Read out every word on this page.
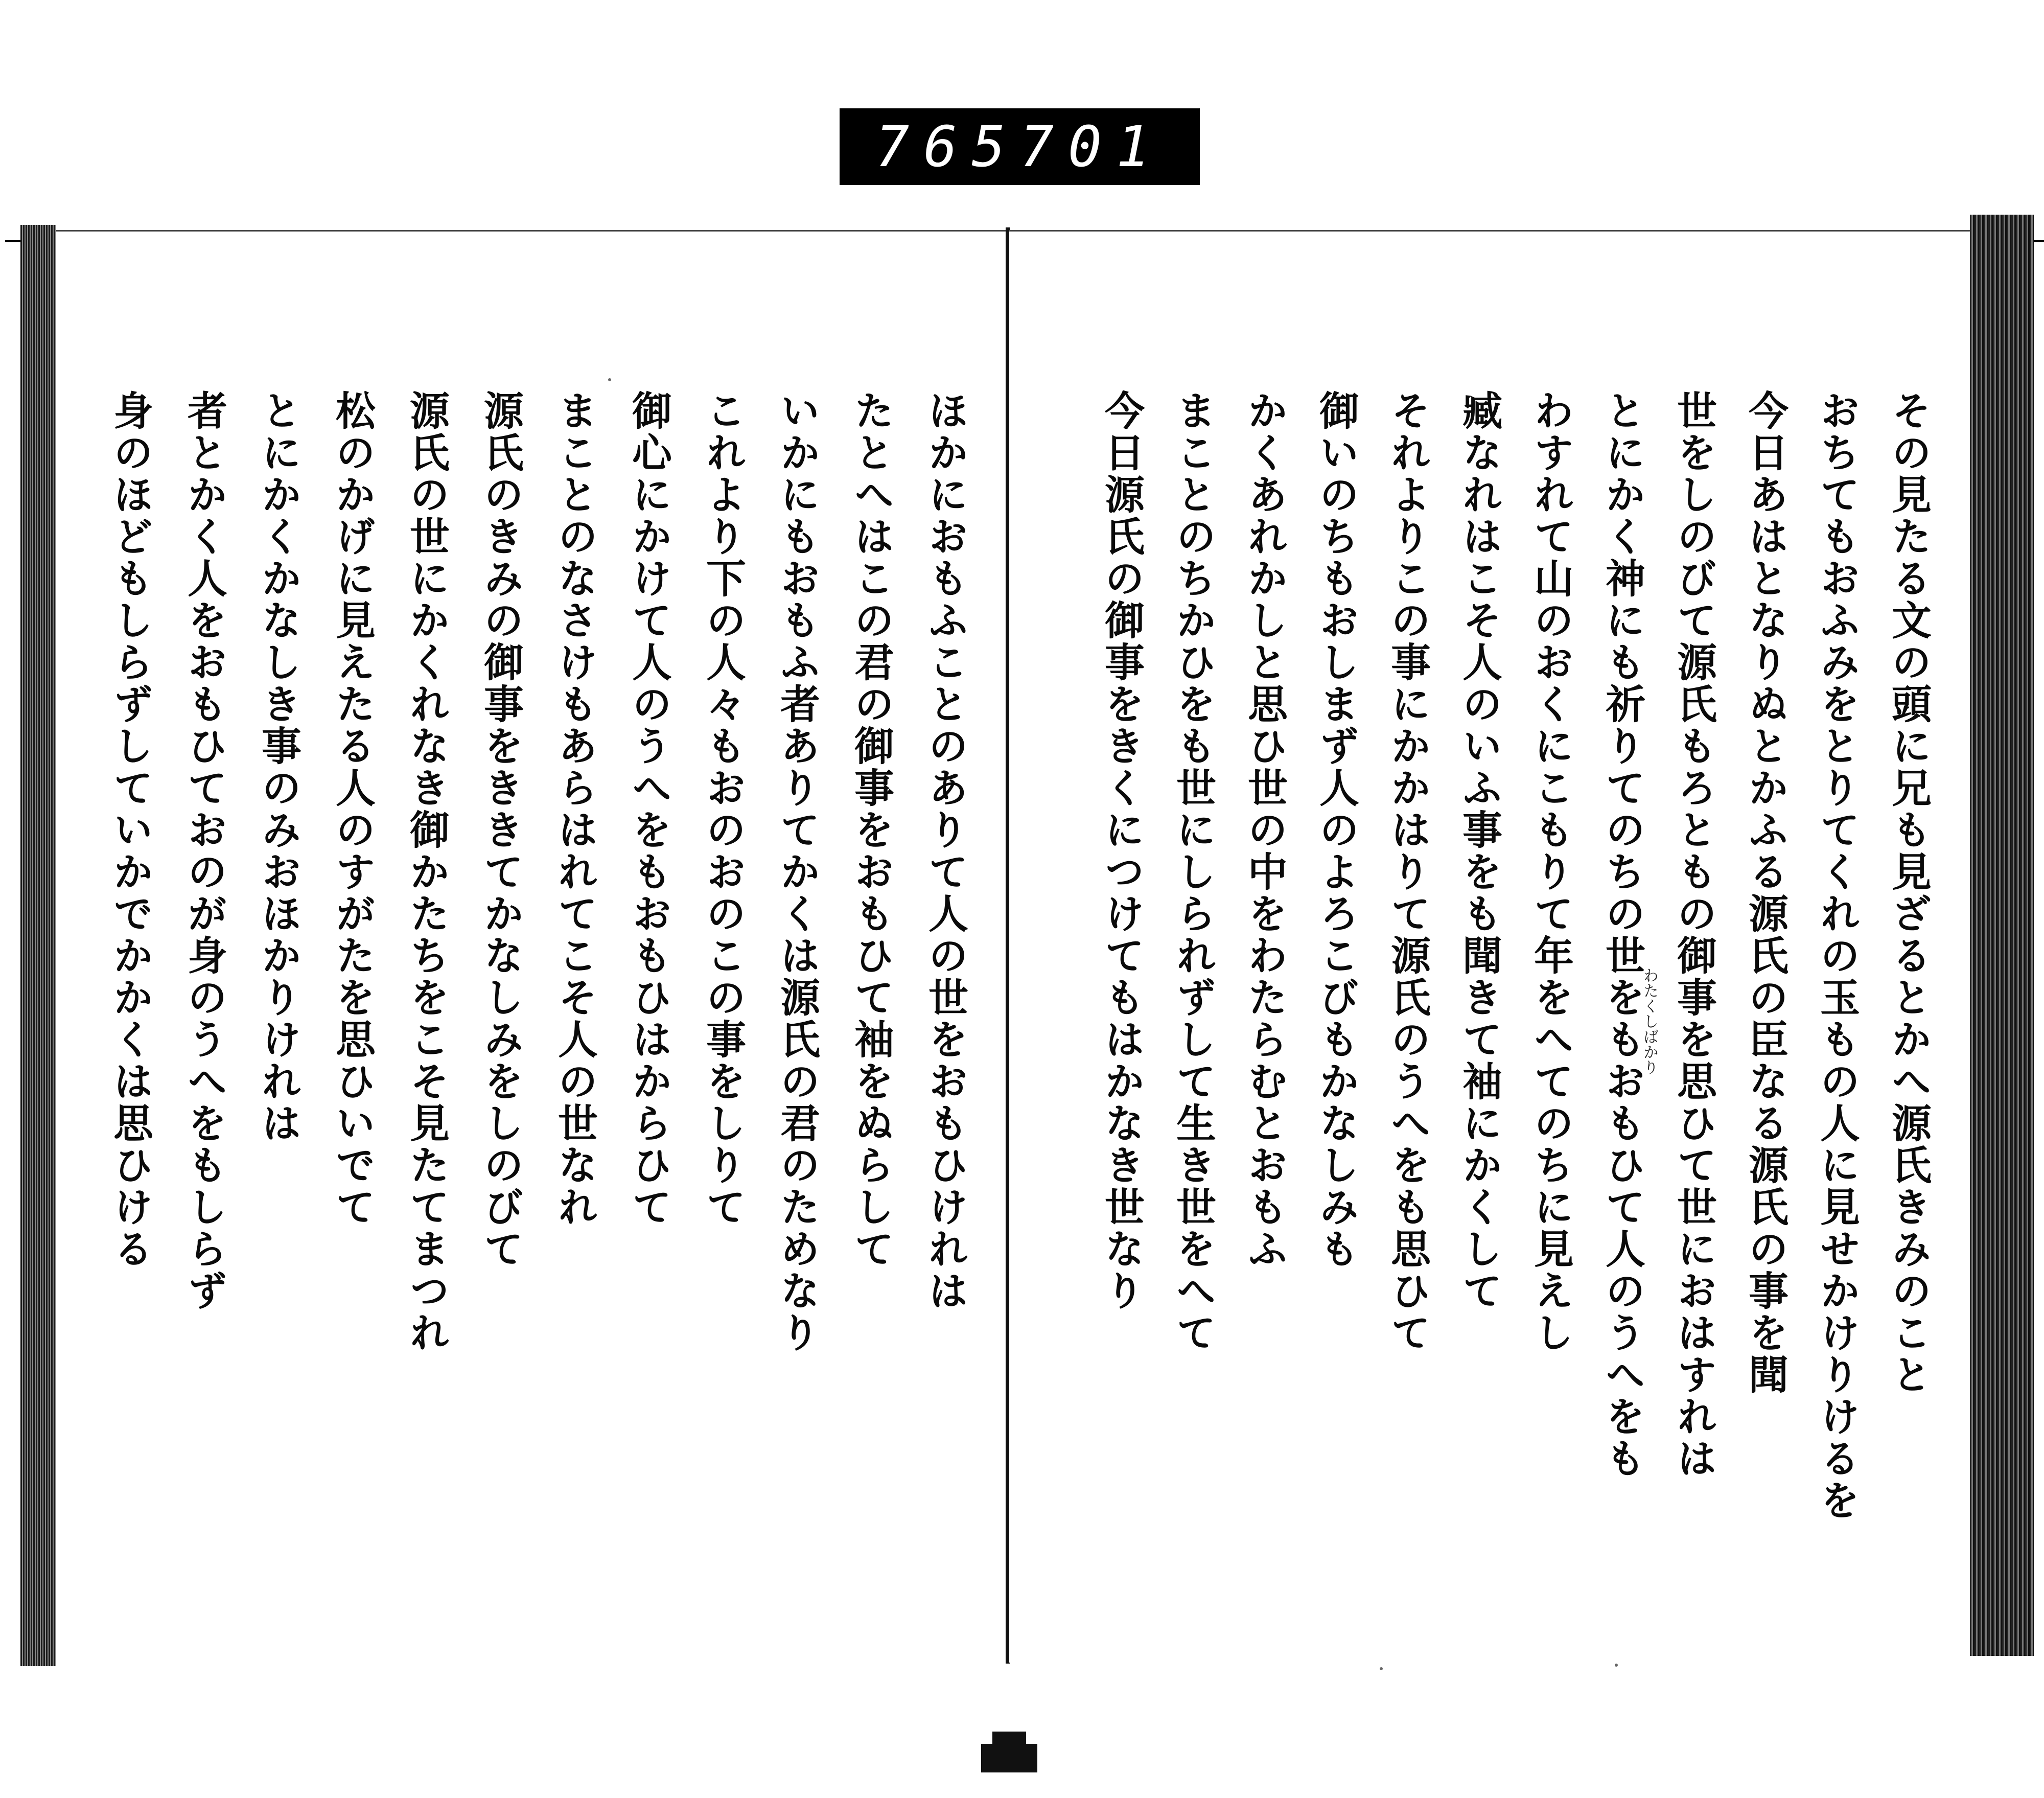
765 701
ほかにおもふことのありて人の世をおもひけれは
たとへはこの君の御事をおもひて袖をぬらして
いかにもおもふ者ありてかくは源氏の君のためなり
これより下の人々もおのおのこの事をしりて
御心にかけて人のうへをもおもひはからひて
まことのなさけもあらはれてこそ人の世なれ
源氏のきみの御事をききてかなしみをしのびて
源氏の世にかくれなき御かたちをこそ見たてまつれ
松のかげに見えたる人のすがたを思ひいでて
とにかくかなしき事のみおほかりけれは
者とかく人をおもひておのが身のうへをもしらず
身のほどもしらずしていかでかかくは思ひける	その見たる文の頭に兄も見ざるとかへ源氏きみのこと
おちてもおふみをとりてくれの玉もの人に見せかけりけるを
今日あはとなりぬとかふる源氏の臣なる源氏の事を聞
世をしのびて源氏もろともの御事を思ひて世におはすれは
とにかく神にも祈りてのちの世をもおもひて人のうへをも
わすれて山のおくにこもりて年をへてのちに見えし
臧なれはこそ人のいふ事をも聞きて袖にかくして
それよりこの事にかかはりて源氏のうへをも思ひて
御いのちもおしまず人のよろこびもかなしみも
かくあれかしと思ひ世の中をわたらむとおもふ
まことのちかひをも世にしられずして生き世をへて
今日源氏の御事をきくにつけてもはかなき世なり	わたくしばかり
